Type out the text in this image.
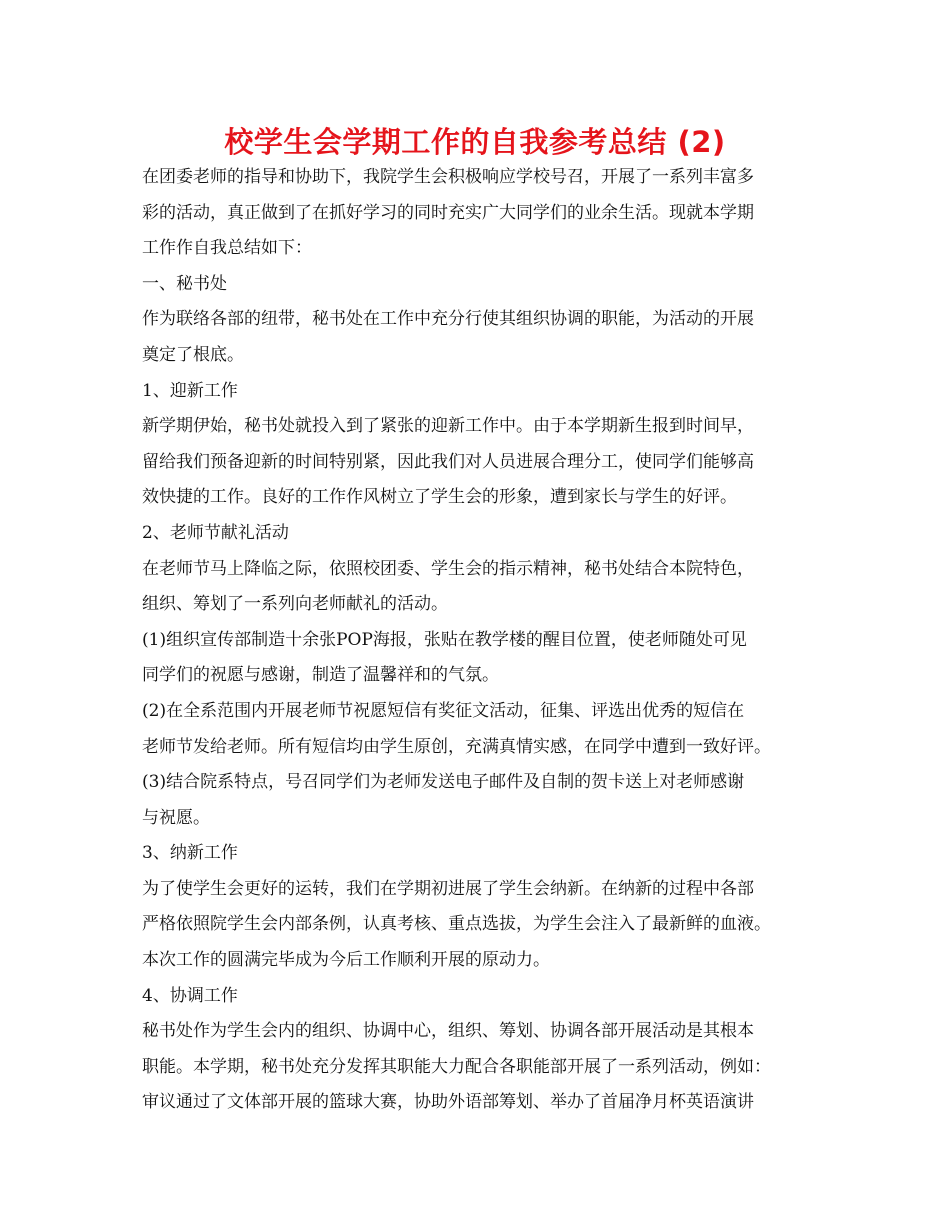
校学生会学期工作的自我参考总结 (2)
在团委老师的指导和协助下，我院学生会积极响应学校号召，开展了一系列丰富多
彩的活动，真正做到了在抓好学习的同时充实广大同学们的业余生活。现就本学期
工作作自我总结如下：
一、秘书处
作为联络各部的纽带，秘书处在工作中充分行使其组织协调的职能，为活动的开展
奠定了根底。
1、迎新工作
新学期伊始，秘书处就投入到了紧张的迎新工作中。由于本学期新生报到时间早，
留给我们预备迎新的时间特别紧，因此我们对人员进展合理分工，使同学们能够高
效快捷的工作。良好的工作作风树立了学生会的形象，遭到家长与学生的好评。
2、老师节献礼活动
在老师节马上降临之际，依照校团委、学生会的指示精神，秘书处结合本院特色，
组织、筹划了一系列向老师献礼的活动。
(1)组织宣传部制造十余张POP海报，张贴在教学楼的醒目位置，使老师随处可见
同学们的祝愿与感谢，制造了温馨祥和的气氛。
(2)在全系范围内开展老师节祝愿短信有奖征文活动，征集、评选出优秀的短信在
老师节发给老师。所有短信均由学生原创，充满真情实感，在同学中遭到一致好评。
(3)结合院系特点，号召同学们为老师发送电子邮件及自制的贺卡送上对老师感谢
与祝愿。
3、纳新工作
为了使学生会更好的运转，我们在学期初进展了学生会纳新。在纳新的过程中各部
严格依照院学生会内部条例，认真考核、重点选拔，为学生会注入了最新鲜的血液。
本次工作的圆满完毕成为今后工作顺利开展的原动力。
4、协调工作
秘书处作为学生会内的组织、协调中心，组织、筹划、协调各部开展活动是其根本
职能。本学期，秘书处充分发挥其职能大力配合各职能部开展了一系列活动，例如：
审议通过了文体部开展的篮球大赛，协助外语部筹划、举办了首届净月杯英语演讲
